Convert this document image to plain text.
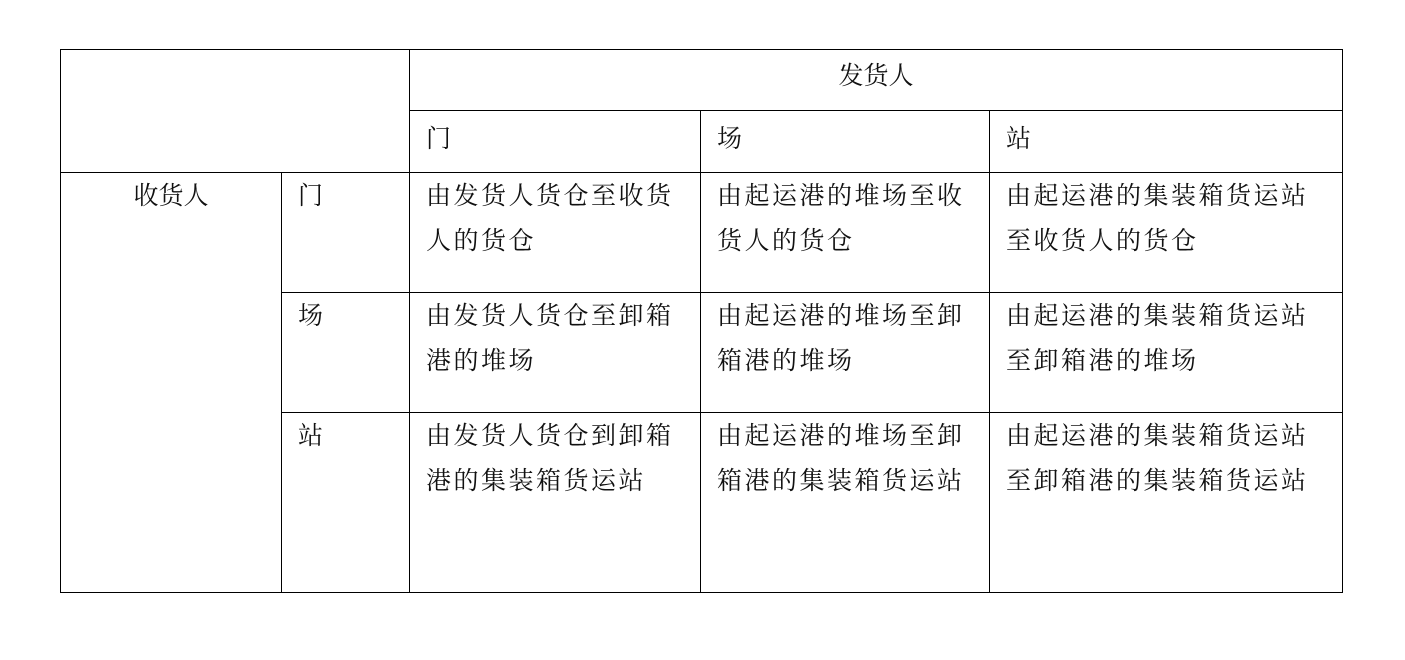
		发货人		
		门	场	站
收货人	门	由发货人货仓至收货人的货仓	由起运港的堆场至收货人的货仓	由起运港的集装箱货运站至收货人的货仓
	场	由发货人货仓至卸箱港的堆场	由起运港的堆场至卸箱港的堆场	由起运港的集装箱货运站至卸箱港的堆场
	站	由发货人货仓到卸箱港的集装箱货运站	由起运港的堆场至卸箱港的集装箱货运站	由起运港的集装箱货运站至卸箱港的集装箱货运站
